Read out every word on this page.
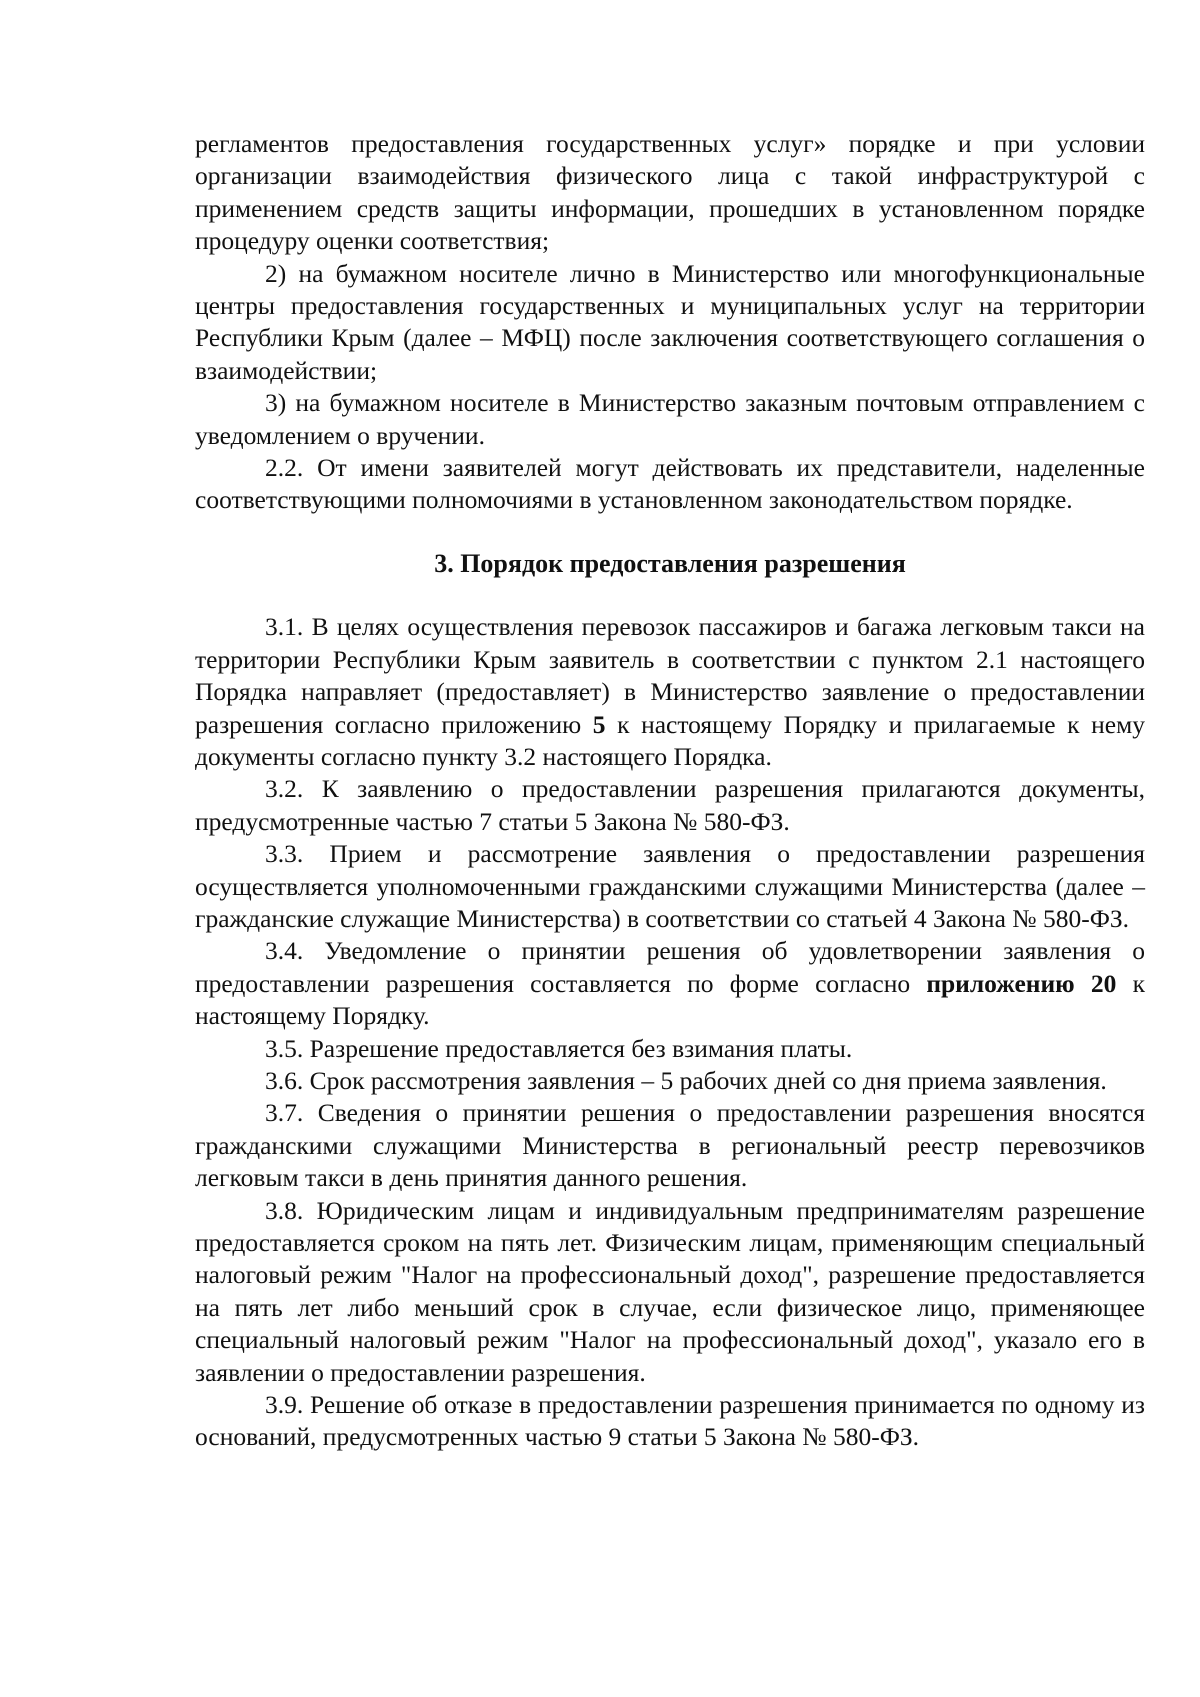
регламентов предоставления государственных услуг» порядке и при условии организации взаимодействия физического лица с такой инфраструктурой с применением средств защиты информации, прошедших в установленном порядке процедуру оценки соответствия;

2) на бумажном носителе лично в Министерство или многофункциональные центры предоставления государственных и муниципальных услуг на территории Республики Крым (далее – МФЦ) после заключения соответствующего соглашения о взаимодействии;

3) на бумажном носителе в Министерство заказным почтовым отправлением с уведомлением о вручении.

2.2. От имени заявителей могут действовать их представители, наделенные соответствующими полномочиями в установленном законодательством порядке.

3. Порядок предоставления разрешения

3.1. В целях осуществления перевозок пассажиров и багажа легковым такси на территории Республики Крым заявитель в соответствии с пунктом 2.1 настоящего Порядка направляет (предоставляет) в Министерство заявление о предоставлении разрешения согласно приложению 5 к настоящему Порядку и прилагаемые к нему документы согласно пункту 3.2 настоящего Порядка.

3.2. К заявлению о предоставлении разрешения прилагаются документы, предусмотренные частью 7 статьи 5 Закона № 580-ФЗ.

3.3. Прием и рассмотрение заявления о предоставлении разрешения осуществляется уполномоченными гражданскими служащими Министерства (далее – гражданские служащие Министерства) в соответствии со статьей 4 Закона № 580-ФЗ.

3.4. Уведомление о принятии решения об удовлетворении заявления о предоставлении разрешения составляется по форме согласно приложению 20 к настоящему Порядку.

3.5. Разрешение предоставляется без взимания платы.

3.6. Срок рассмотрения заявления – 5 рабочих дней со дня приема заявления.

3.7. Сведения о принятии решения о предоставлении разрешения вносятся гражданскими служащими Министерства в региональный реестр перевозчиков легковым такси в день принятия данного решения.

3.8. Юридическим лицам и индивидуальным предпринимателям разрешение предоставляется сроком на пять лет. Физическим лицам, применяющим специальный налоговый режим "Налог на профессиональный доход", разрешение предоставляется на пять лет либо меньший срок в случае, если физическое лицо, применяющее специальный налоговый режим "Налог на профессиональный доход", указало его в заявлении о предоставлении разрешения.

3.9. Решение об отказе в предоставлении разрешения принимается по одному из оснований, предусмотренных частью 9 статьи 5 Закона № 580-ФЗ.
